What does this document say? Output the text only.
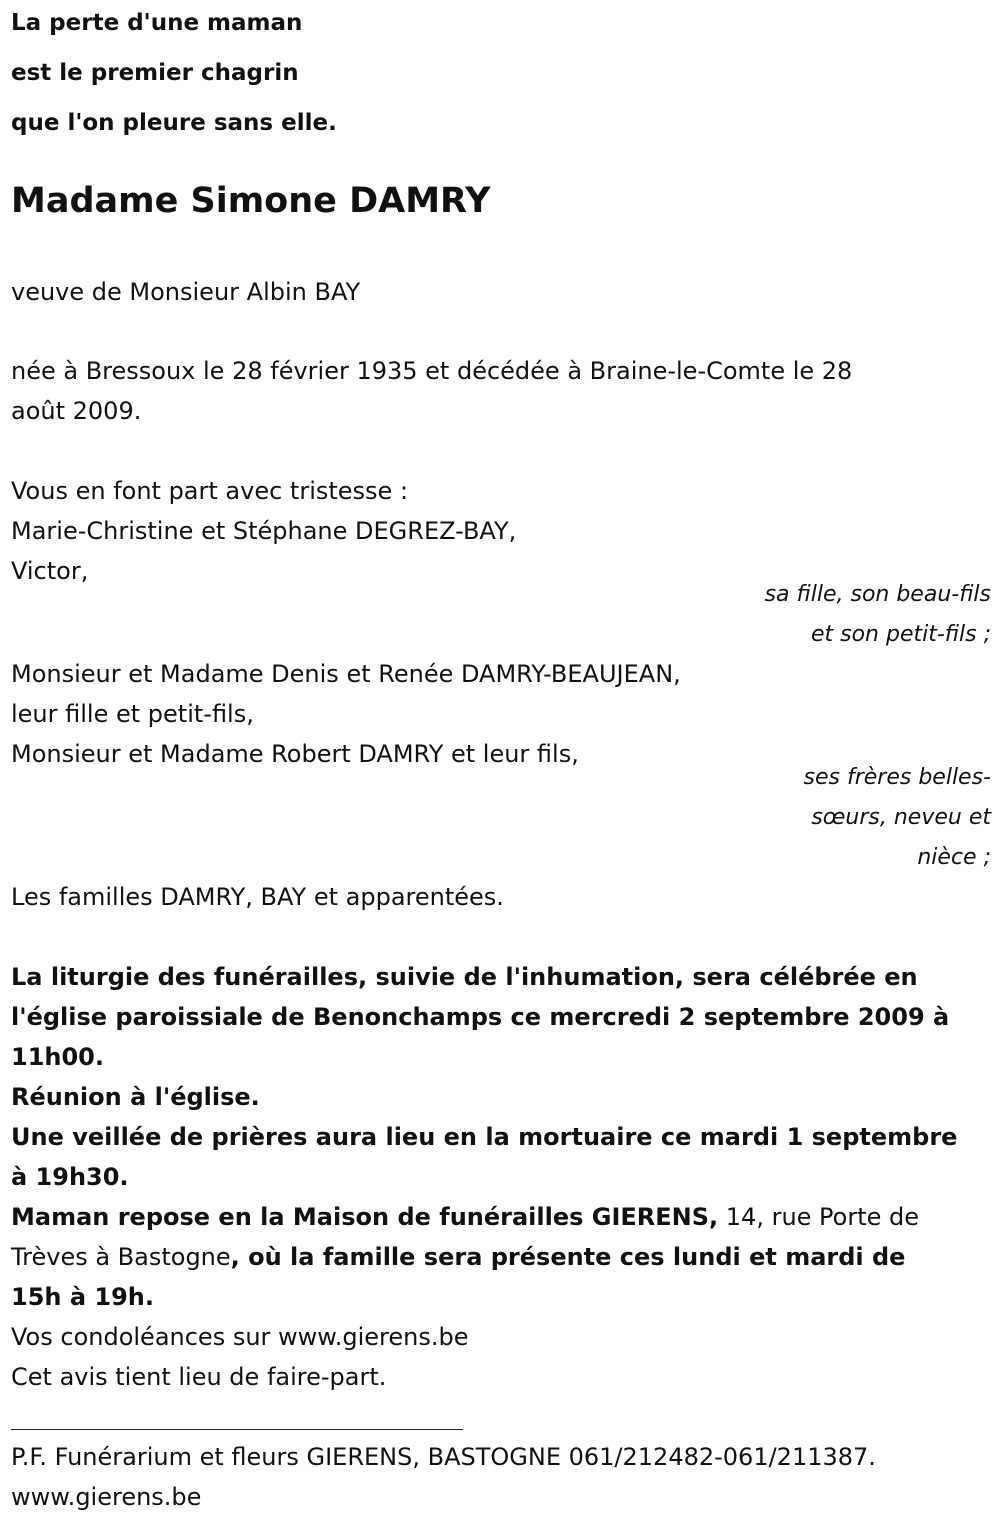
La perte d'une maman
est le premier chagrin
que l'on pleure sans elle.
Madame Simone DAMRY
veuve de Monsieur Albin BAY
née à Bressoux le 28 février 1935 et décédée à Braine-le-Comte le 28
août 2009.
Vous en font part avec tristesse :
Marie-Christine et Stéphane DEGREZ-BAY,
Victor,
sa fille, son beau-fils
et son petit-fils ;
Monsieur et Madame Denis et Renée DAMRY-BEAUJEAN,
leur fille et petit-fils,
Monsieur et Madame Robert DAMRY et leur fils,
ses frères belles-
sœurs, neveu et
nièce ;
Les familles DAMRY, BAY et apparentées.
La liturgie des funérailles, suivie de l'inhumation, sera célébrée en
l'église paroissiale de Benonchamps ce mercredi 2 septembre 2009 à
11h00.
Réunion à l'église.
Une veillée de prières aura lieu en la mortuaire ce mardi 1 septembre
à 19h30.
Maman repose en la Maison de funérailles GIERENS, 14, rue Porte de
Trèves à Bastogne, où la famille sera présente ces lundi et mardi de
15h à 19h.
Vos condoléances sur www.gierens.be
Cet avis tient lieu de faire-part.
P.F. Funérarium et fleurs GIERENS, BASTOGNE 061/212482-061/211387.
www.gierens.be
